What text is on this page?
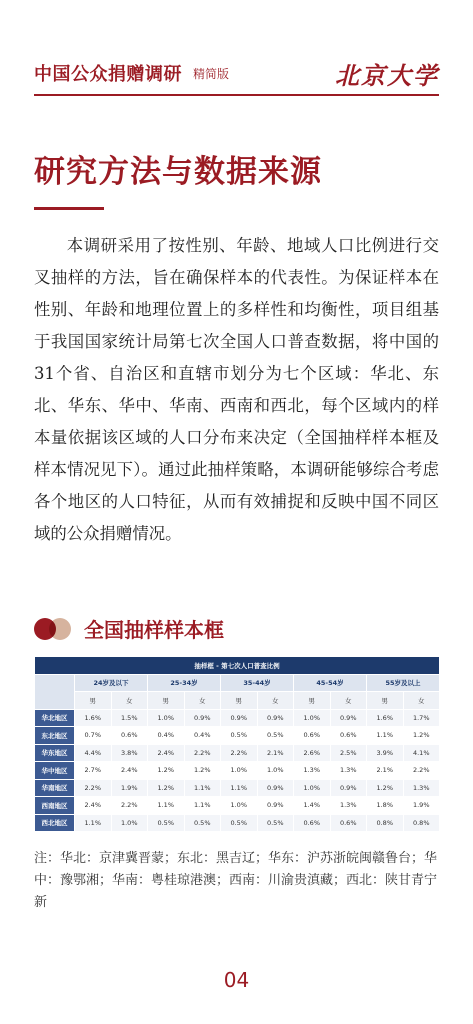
中国公众捐赠调研 精简版	北京大学
研究方法与数据来源

本调研采用了按性别、年龄、地域人口比例进行交叉抽样的方法，旨在确保样本的代表性。为保证样本在性别、年龄和地理位置上的多样性和均衡性，项目组基于我国国家统计局第七次全国人口普查数据，将中国的31个省、自治区和直辖市划分为七个区域：华北、东北、华东、华中、华南、西南和西北，每个区域内的样本量依据该区域的人口分布来决定（全国抽样样本框及样本情况见下）。通过此抽样策略，本调研能够综合考虑各个地区的人口特征，从而有效捕捉和反映中国不同区域的公众捐赠情况。

全国抽样样本框
抽样框 - 第七次人口普查比例										
	24岁及以下		25-34岁		35-44岁		45-54岁		55岁及以上	
	男	女	男	女	男	女	男	女	男	女
华北地区	1.6%	1.5%	1.0%	0.9%	0.9%	0.9%	1.0%	0.9%	1.6%	1.7%
东北地区	0.7%	0.6%	0.4%	0.4%	0.5%	0.5%	0.6%	0.6%	1.1%	1.2%
华东地区	4.4%	3.8%	2.4%	2.2%	2.2%	2.1%	2.6%	2.5%	3.9%	4.1%
华中地区	2.7%	2.4%	1.2%	1.2%	1.0%	1.0%	1.3%	1.3%	2.1%	2.2%
华南地区	2.2%	1.9%	1.2%	1.1%	1.1%	0.9%	1.0%	0.9%	1.2%	1.3%
西南地区	2.4%	2.2%	1.1%	1.1%	1.0%	0.9%	1.4%	1.3%	1.8%	1.9%
西北地区	1.1%	1.0%	0.5%	0.5%	0.5%	0.5%	0.6%	0.6%	0.8%	0.8%

注：华北：京津冀晋蒙；东北：黑吉辽；华东：沪苏浙皖闽赣鲁台；华中：豫鄂湘；华南：粤桂琼港澳；西南：川渝贵滇藏；西北：陕甘青宁新

04
